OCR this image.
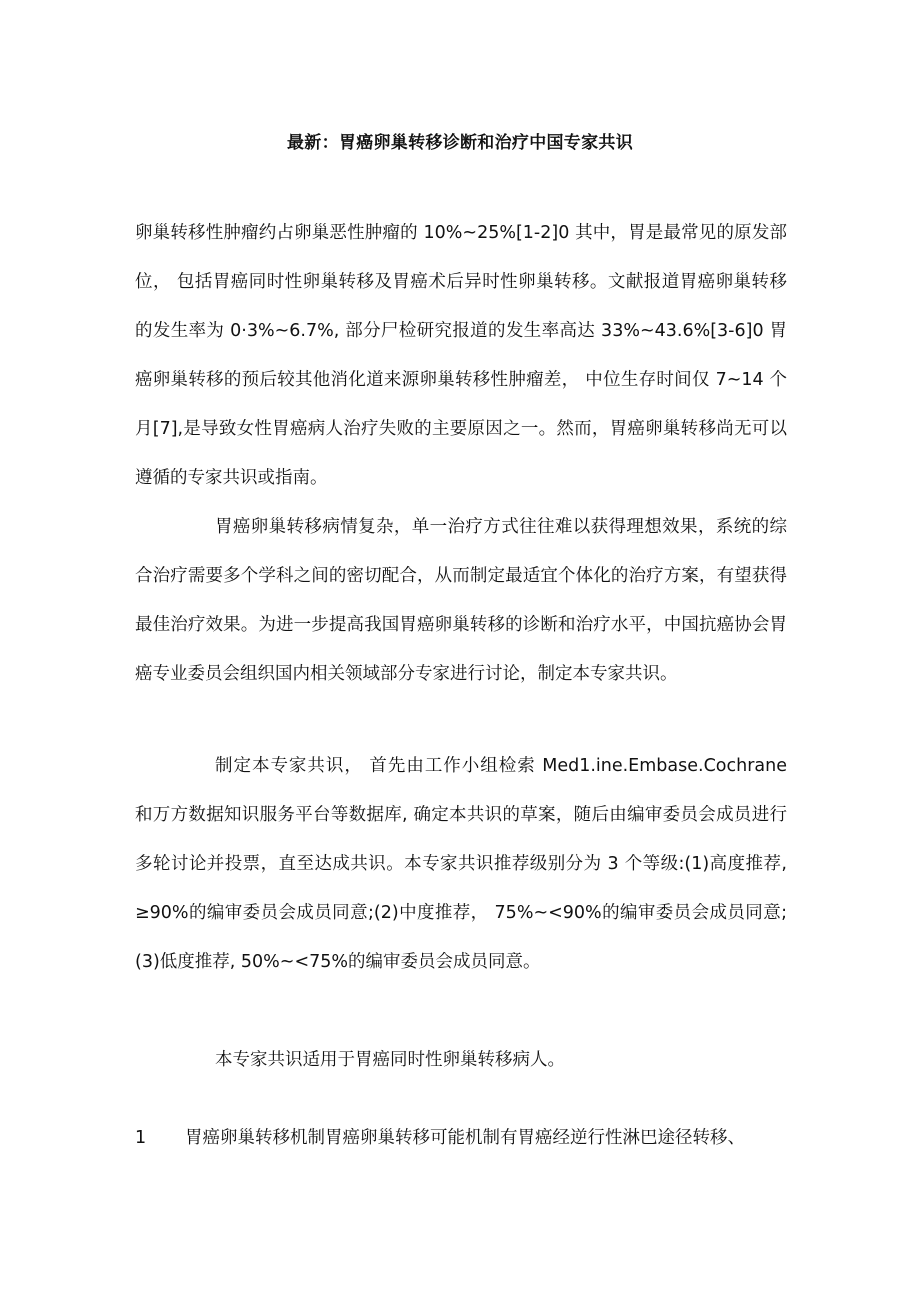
最新：胃癌卵巢转移诊断和治疗中国专家共识

卵巢转移性肿瘤约占卵巢恶性肿瘤的 10%~25%[1-2]0 其中，胃是最常见的原发部位， 包括胃癌同时性卵巢转移及胃癌术后异时性卵巢转移。文献报道胃癌卵巢转移的发生率为 0·3%~6.7%, 部分尸检研究报道的发生率高达 33%~43.6%[3-6]0 胃癌卵巢转移的预后较其他消化道来源卵巢转移性肿瘤差， 中位生存时间仅 7~14 个月[7],是导致女性胃癌病人治疗失败的主要原因之一。然而，胃癌卵巢转移尚无可以遵循的专家共识或指南。

胃癌卵巢转移病情复杂，单一治疗方式往往难以获得理想效果，系统的综合治疗需要多个学科之间的密切配合，从而制定最适宜个体化的治疗方案，有望获得最佳治疗效果。为进一步提高我国胃癌卵巢转移的诊断和治疗水平，中国抗癌协会胃癌专业委员会组织国内相关领域部分专家进行讨论，制定本专家共识。

制定本专家共识， 首先由工作小组检索 Med1.ine.Embase.Cochrane 和万方数据知识服务平台等数据库, 确定本共识的草案，随后由编审委员会成员进行多轮讨论并投票，直至达成共识。本专家共识推荐级别分为 3 个等级:(1)高度推荐, ≥90%的编审委员会成员同意;(2)中度推荐， 75%~<90%的编审委员会成员同意; (3)低度推荐, 50%~<75%的编审委员会成员同意。

本专家共识适用于胃癌同时性卵巢转移病人。

1 胃癌卵巢转移机制胃癌卵巢转移可能机制有胃癌经逆行性淋巴途径转移、
